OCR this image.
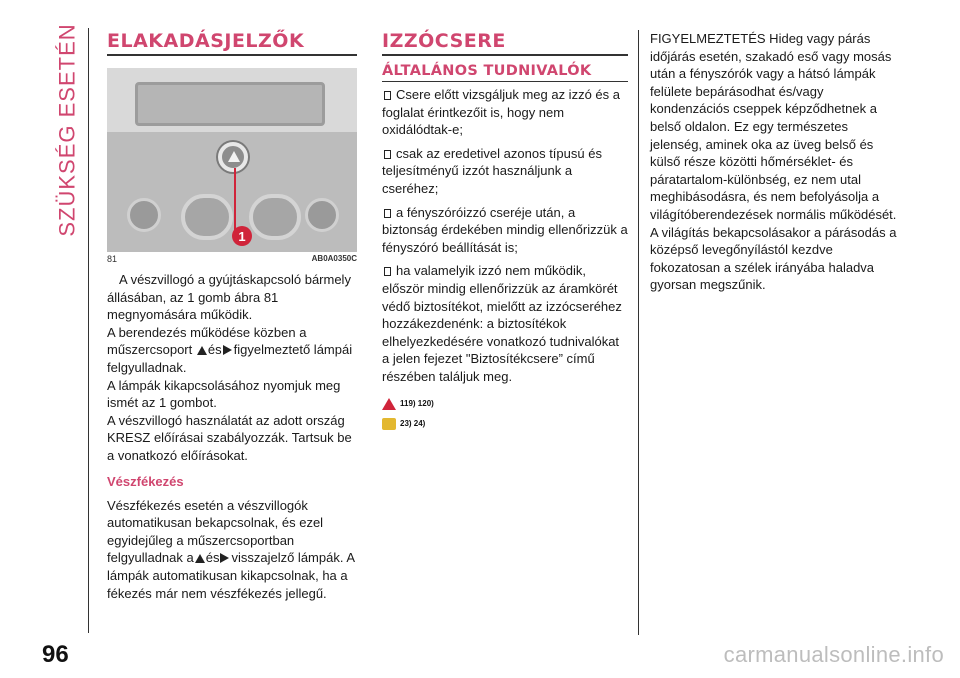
SZÜKSÉG ESETÉN
96
ELAKADÁSJELZŐK
1
81	AB0A0350C
A vészvillogó a gyújtáskapcsoló bármely állásában, az 1 gomb ábra 81 megnyomására működik.
A berendezés működése közben a műszercsoport és figyelmeztető lámpái felgyulladnak.
A lámpák kikapcsolásához nyomjuk meg ismét az 1 gombot.
A vészvillogó használatát az adott ország KRESZ előírásai szabályozzák. Tartsuk be a vonatkozó előírásokat.
Vészfékezés
Vészfékezés esetén a vészvillogók automatikusan bekapcsolnak, és ezel egyidejűleg a műszercsoportban felgyulladnak a és visszajelző lámpák. A lámpák automatikusan kikapcsolnak, ha a fékezés már nem vészfékezés jellegű.
IZZÓCSERE
ÁLTALÁNOS TUDNIVALÓK
Csere előtt vizsgáljuk meg az izzó és a foglalat érintkezőit is, hogy nem oxidálódtak-e;
csak az eredetivel azonos típusú és teljesítményű izzót használjunk a cseréhez;
a fényszóróizzó cseréje után, a biztonság érdekében mindig ellenőrizzük a fényszóró beállítását is;
ha valamelyik izzó nem működik, először mindig ellenőrizzük az áramkörét védő biztosítékot, mielőtt az izzócseréhez hozzákezdenénk: a biztosítékok elhelyezkedésére vonatkozó tudnivalókat a jelen fejezet "Biztosítékcsere” című részében találjuk meg.
119) 120)
23) 24)
FIGYELMEZTETÉS Hideg vagy párás időjárás esetén, szakadó eső vagy mosás után a fényszórók vagy a hátsó lámpák felülete bepárásodhat és/vagy kondenzációs cseppek képződhetnek a belső oldalon. Ez egy természetes jelenség, aminek oka az üveg belső és külső része közötti hőmérséklet- és páratartalom-különbség, ez nem utal meghibásodásra, és nem befolyásolja a világítóberendezések normális működését. A világítás bekapcsolásakor a párásodás a középső levegőnyílástól kezdve fokozatosan a szélek irányába haladva gyorsan megszűnik.
carmanualsonline.info
